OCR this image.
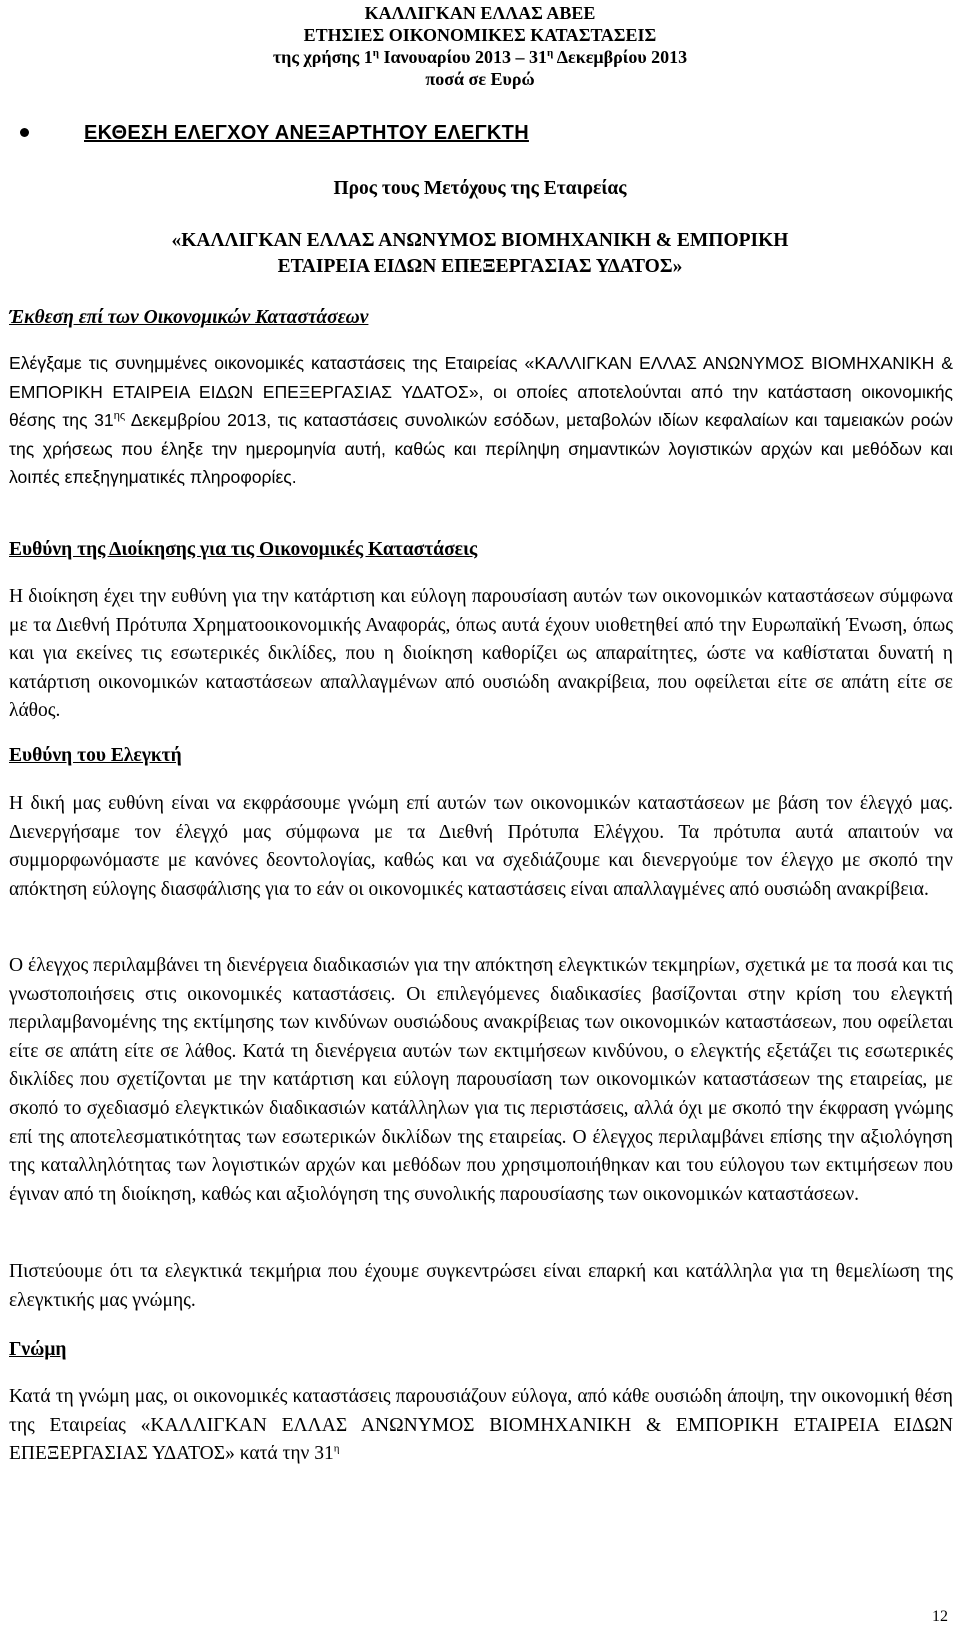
ΚΑΛΛΙΓΚΑΝ ΕΛΛΑΣ ΑΒΕΕ
ΕΤΗΣΙΕΣ ΟΙΚΟΝΟΜΙΚΕΣ ΚΑΤΑΣΤΑΣΕΙΣ
της χρήσης $1^\eta$ Ιανουαρίου $2013 - 31^\eta$ Δεκεμβρίου 2013
ποσά σε Ευρώ
ΕΚΘΕΣΗ ΕΛΕΓΧΟΥ ΑΝΕΞΑΡΤΗΤΟΥ ΕΛΕΓΚΤΗ
Προς τους Μετόχους της Εταιρείας
«ΚΑΛΛΙΓΚΑΝ ΕΛΛΑΣ ΑΝΩΝΥΜΟΣ ΒΙΟΜΗΧΑΝΙΚΗ & ΕΜΠΟΡΙΚΗ
ΕΤΑΙΡΕΙΑ ΕΙΔΩΝ ΕΠΕΞΕΡΓΑΣΙΑΣ ΥΔΑΤΟΣ»
Έκθεση επί των Οικονομικών Καταστάσεων
Ελέγξαμε τις συνημμένες οικονομικές καταστάσεις της Εταιρείας «ΚΑΛΛΙΓΚΑΝ ΕΛΛΑΣ ΑΝΩΝΥΜΟΣ ΒΙΟΜΗΧΑΝΙΚΗ & ΕΜΠΟΡΙΚΗ ΕΤΑΙΡΕΙΑ ΕΙΔΩΝ ΕΠΕΞΕΡΓΑΣΙΑΣ ΥΔΑΤΟΣ», οι οποίες αποτελούνται από την κατάσταση οικονομικής θέσης της $31^{\eta\varsigma}$ Δεκεμβρίου 2013, τις καταστάσεις συνολικών εσόδων, μεταβολών ιδίων κεφαλαίων και ταμειακών ροών της χρήσεως που έληξε την ημερομηνία αυτή, καθώς και περίληψη σημαντικών λογιστικών αρχών και μεθόδων και λοιπές επεξηγηματικές πληροφορίες.
Ευθύνη της Διοίκησης για τις Οικονομικές Καταστάσεις
Η διοίκηση έχει την ευθύνη για την κατάρτιση και εύλογη παρουσίαση αυτών των οικονομικών καταστάσεων σύμφωνα με τα Διεθνή Πρότυπα Χρηματοοικονομικής Αναφοράς, όπως αυτά έχουν υιοθετηθεί από την Ευρωπαϊκή Ένωση, όπως και για εκείνες τις εσωτερικές δικλίδες, που η διοίκηση καθορίζει ως απαραίτητες, ώστε να καθίσταται δυνατή η κατάρτιση οικονομικών καταστάσεων απαλλαγμένων από ουσιώδη ανακρίβεια, που οφείλεται είτε σε απάτη είτε σε λάθος.
Ευθύνη του Ελεγκτή
Η δική μας ευθύνη είναι να εκφράσουμε γνώμη επί αυτών των οικονομικών καταστάσεων με βάση τον έλεγχό μας. Διενεργήσαμε τον έλεγχό μας σύμφωνα με τα Διεθνή Πρότυπα Ελέγχου. Τα πρότυπα αυτά απαιτούν να συμμορφωνόμαστε με κανόνες δεοντολογίας, καθώς και να σχεδιάζουμε και διενεργούμε τον έλεγχο με σκοπό την απόκτηση εύλογης διασφάλισης για το εάν οι οικονομικές καταστάσεις είναι απαλλαγμένες από ουσιώδη ανακρίβεια.
Ο έλεγχος περιλαμβάνει τη διενέργεια διαδικασιών για την απόκτηση ελεγκτικών τεκμηρίων, σχετικά με τα ποσά και τις γνωστοποιήσεις στις οικονομικές καταστάσεις. Οι επιλεγόμενες διαδικασίες βασίζονται στην κρίση του ελεγκτή περιλαμβανομένης της εκτίμησης των κινδύνων ουσιώδους ανακρίβειας των οικονομικών καταστάσεων, που οφείλεται είτε σε απάτη είτε σε λάθος. Κατά τη διενέργεια αυτών των εκτιμήσεων κινδύνου, ο ελεγκτής εξετάζει τις εσωτερικές δικλίδες που σχετίζονται με την κατάρτιση και εύλογη παρουσίαση των οικονομικών καταστάσεων της εταιρείας, με σκοπό το σχεδιασμό ελεγκτικών διαδικασιών κατάλληλων για τις περιστάσεις, αλλά όχι με σκοπό την έκφραση γνώμης επί της αποτελεσματικότητας των εσωτερικών δικλίδων της εταιρείας. Ο έλεγχος περιλαμβάνει επίσης την αξιολόγηση της καταλληλότητας των λογιστικών αρχών και μεθόδων που χρησιμοποιήθηκαν και του εύλογου των εκτιμήσεων που έγιναν από τη διοίκηση, καθώς και αξιολόγηση της συνολικής παρουσίασης των οικονομικών καταστάσεων.
Πιστεύουμε ότι τα ελεγκτικά τεκμήρια που έχουμε συγκεντρώσει είναι επαρκή και κατάλληλα για τη θεμελίωση της ελεγκτικής μας γνώμης.
Γνώμη
Κατά τη γνώμη μας, οι οικονομικές καταστάσεις παρουσιάζουν εύλογα, από κάθε ουσιώδη άποψη, την οικονομική θέση της Εταιρείας «ΚΑΛΛΙΓΚΑΝ ΕΛΛΑΣ ΑΝΩΝΥΜΟΣ ΒΙΟΜΗΧΑΝΙΚΗ & ΕΜΠΟΡΙΚΗ ΕΤΑΙΡΕΙΑ ΕΙΔΩΝ ΕΠΕΞΕΡΓΑΣΙΑΣ ΥΔΑΤΟΣ» κατά την $31^\eta$
12
